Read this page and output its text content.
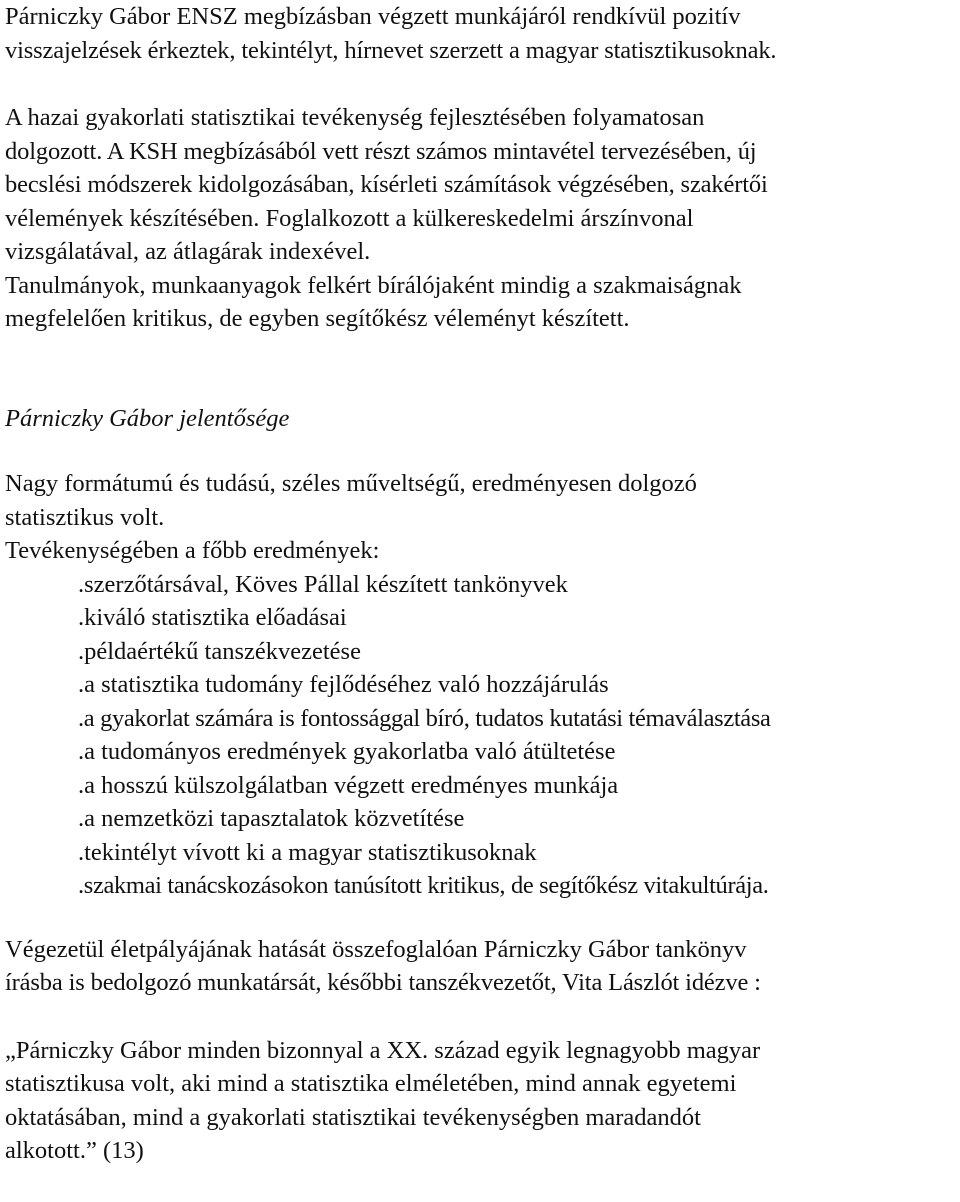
Párniczky Gábor ENSZ megbízásban végzett munkájáról rendkívül pozitív
visszajelzések érkeztek, tekintélyt, hírnevet szerzett a magyar statisztikusoknak.
A hazai gyakorlati statisztikai tevékenység fejlesztésében folyamatosan
dolgozott. A KSH megbízásából vett részt számos mintavétel tervezésében, új
becslési módszerek kidolgozásában, kísérleti számítások végzésében, szakértői
vélemények készítésében. Foglalkozott a külkereskedelmi árszínvonal
vizsgálatával, az átlagárak indexével.
Tanulmányok, munkaanyagok felkért bírálójaként mindig a szakmaiságnak
megfelelően kritikus, de egyben segítőkész véleményt készített.
Párniczky Gábor jelentősége
Nagy formátumú és tudású, széles műveltségű, eredményesen dolgozó
statisztikus volt.
Tevékenységében a főbb eredmények:
.szerzőtársával, Köves Pállal készített tankönyvek
.kiváló statisztika előadásai
.példaértékű tanszékvezetése
.a statisztika tudomány fejlődéséhez való hozzájárulás
.a gyakorlat számára is fontossággal bíró, tudatos kutatási témaválasztása
.a tudományos eredmények gyakorlatba való átültetése
.a hosszú külszolgálatban végzett eredményes munkája
.a nemzetközi tapasztalatok közvetítése
.tekintélyt vívott ki a magyar statisztikusoknak
.szakmai tanácskozásokon tanúsított kritikus, de segítőkész vitakultúrája.
Végezetül életpályájának hatását összefoglalóan Párniczky Gábor tankönyv
írásba is bedolgozó munkatársát, későbbi tanszékvezetőt, Vita Lászlót idézve :
„Párniczky Gábor minden bizonnyal a XX. század egyik legnagyobb magyar
statisztikusa volt, aki mind a statisztika elméletében, mind annak egyetemi
oktatásában, mind a gyakorlati statisztikai tevékenységben maradandót
alkotott.” (13)
